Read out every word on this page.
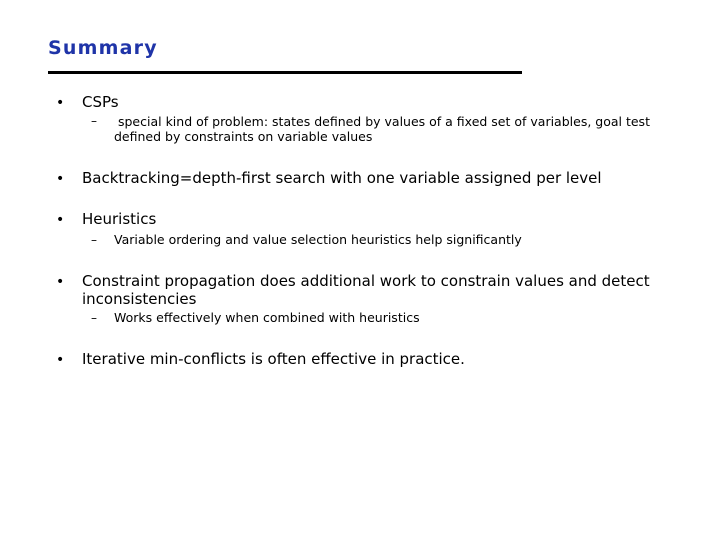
Summary
• CSPs
– special kind of problem: states defined by values of a fixed set of variables, goal test defined by constraints on variable values
• Backtracking=depth-first search with one variable assigned per level
• Heuristics
– Variable ordering and value selection heuristics help significantly
• Constraint propagation does additional work to constrain values and detect inconsistencies
– Works effectively when combined with heuristics
• Iterative min-conflicts is often effective in practice.
